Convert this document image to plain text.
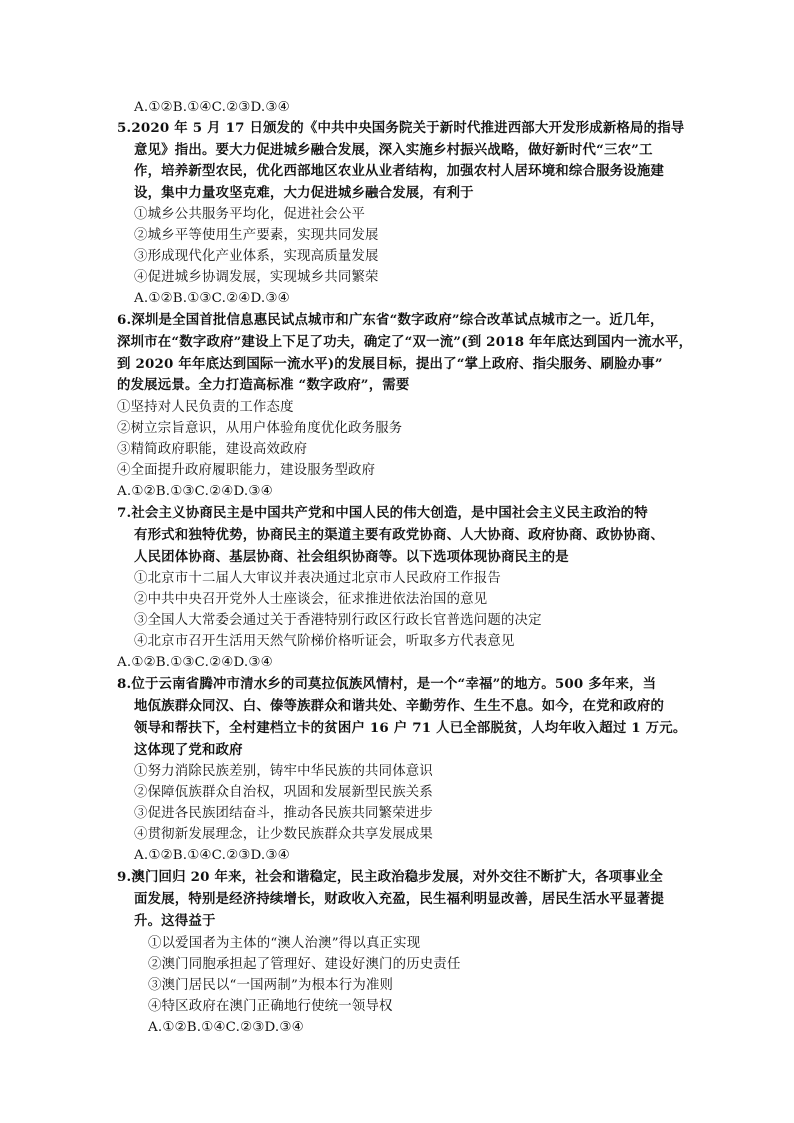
A.①②B.①④C.②③D.③④
5.2020 年 5 月 17 日颁发的《中共中央国务院关于新时代推进西部大开发形成新格局的指导
意见》指出。要大力促进城乡融合发展，深入实施乡村振兴战略，做好新时代“三农”工
作，培养新型农民，优化西部地区农业从业者结构，加强农村人居环境和综合服务设施建
设，集中力量攻坚克难，大力促进城乡融合发展，有利于
①城乡公共服务平均化，促进社会公平
②城乡平等使用生产要素，实现共同发展
③形成现代化产业体系，实现高质量发展
④促进城乡协调发展，实现城乡共同繁荣
A.①②B.①③C.②④D.③④
6.深圳是全国首批信息惠民试点城市和广东省“数字政府”综合改革试点城市之一。近几年，
深圳市在“数字政府”建设上下足了功夫，确定了“双一流”(到 2018 年年底达到国内一流水平，
到 2020 年年底达到国际一流水平)的发展目标，提出了“掌上政府、指尖服务、刷脸办事”
的发展远景。全力打造高标准 “数字政府”，需要
①坚持对人民负责的工作态度
②树立宗旨意识，从用户体验角度优化政务服务
③精简政府职能，建设高效政府
④全面提升政府履职能力，建设服务型政府
A.①②B.①③C.②④D.③④
7.社会主义协商民主是中国共产党和中国人民的伟大创造，是中国社会主义民主政治的特
有形式和独特优势，协商民主的渠道主要有政党协商、人大协商、政府协商、政协协商、
人民团体协商、基层协商、社会组织协商等。以下选项体现协商民主的是
①北京市十二届人大审议并表决通过北京市人民政府工作报告
②中共中央召开党外人士座谈会，征求推进依法治国的意见
③全国人大常委会通过关于香港特别行政区行政长官普选问题的决定
④北京市召开生活用天然气阶梯价格听证会，听取多方代表意见
A.①②B.①③C.②④D.③④
8.位于云南省腾冲市清水乡的司莫拉佤族风情村，是一个“幸福”的地方。500 多年来，当
地佤族群众同汉、白、傣等族群众和谐共处、辛勤劳作、生生不息。如今，在党和政府的
领导和帮扶下，全村建档立卡的贫困户 16 户 71 人已全部脱贫，人均年收入超过 1 万元。
这体现了党和政府
①努力消除民族差别，铸牢中华民族的共同体意识
②保障佤族群众自治权，巩固和发展新型民族关系
③促进各民族团结奋斗，推动各民族共同繁荣进步
④贯彻新发展理念，让少数民族群众共享发展成果
A.①②B.①④C.②③D.③④
9.澳门回归 20 年来，社会和谐稳定，民主政治稳步发展，对外交往不断扩大，各项事业全
面发展，特别是经济持续增长，财政收入充盈，民生福利明显改善，居民生活水平显著提
升。这得益于
①以爱国者为主体的“澳人治澳”得以真正实现
②澳门同胞承担起了管理好、建设好澳门的历史责任
③澳门居民以“一国两制”为根本行为准则
④特区政府在澳门正确地行使统一领导权
A.①②B.①④C.②③D.③④
